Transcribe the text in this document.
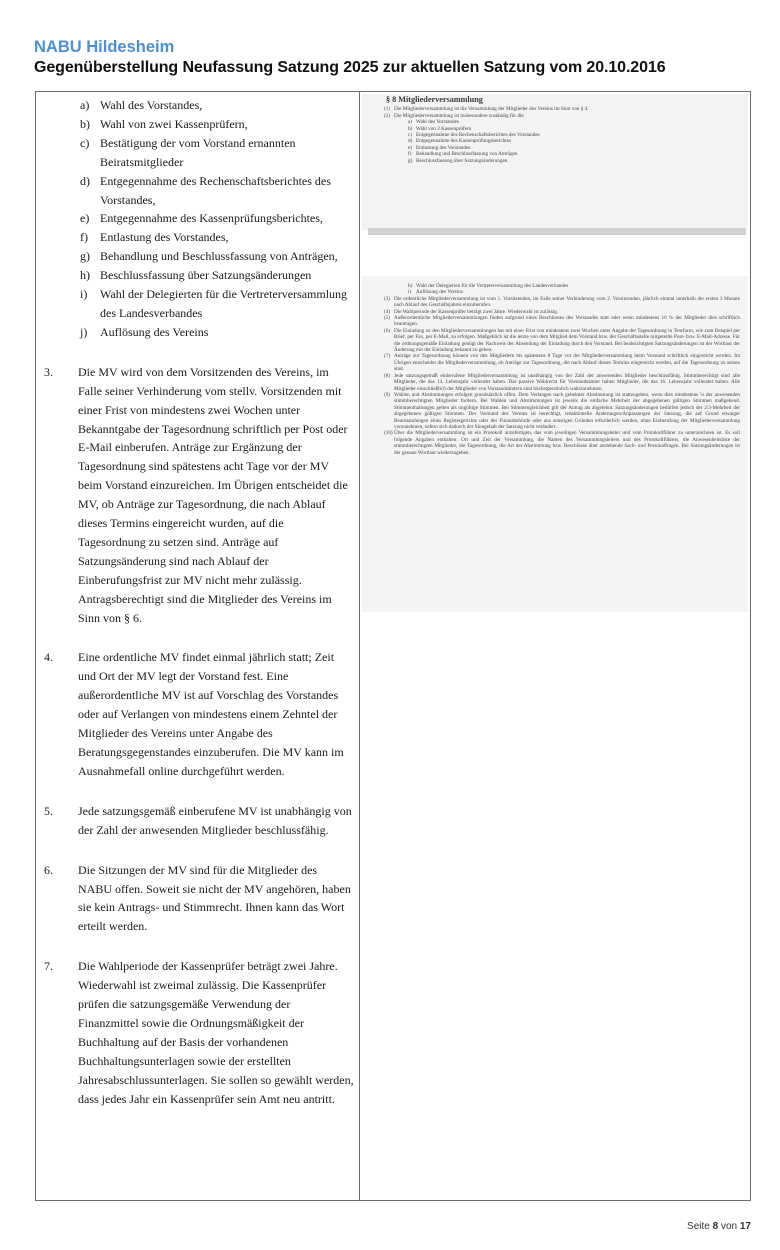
NABU Hildesheim
Gegenüberstellung Neufassung Satzung 2025 zur aktuellen Satzung vom 20.10.2016
a) Wahl des Vorstandes,
b) Wahl von zwei Kassenprüfern,
c) Bestätigung der vom Vorstand ernannten Beiratsmitglieder
d) Entgegennahme des Rechenschaftsberichtes des Vorstandes,
e) Entgegennahme des Kassenprüfungsberichtes,
f) Entlastung des Vorstandes,
g) Behandlung und Beschlussfassung von Anträgen,
h) Beschlussfassung über Satzungsänderungen
i) Wahl der Delegierten für die Vertreterversammlung des Landesverbandes
j) Auflösung des Vereins
3. Die MV wird von dem Vorsitzenden des Vereins, im Falle seiner Verhinderung vom stellv. Vorsitzenden mit einer Frist von mindestens zwei Wochen unter Bekanntgabe der Tagesordnung schriftlich per Post oder E-Mail einberufen. Anträge zur Ergänzung der Tagesordnung sind spätestens acht Tage vor der MV beim Vorstand einzureichen. Im Übrigen entscheidet die MV, ob Anträge zur Tagesordnung, die nach Ablauf dieses Termins eingereicht wurden, auf die Tagesordnung zu setzen sind. Anträge auf Satzungsänderung sind nach Ablauf der Einberufungsfrist zur MV nicht mehr zulässig. Antragsberechtigt sind die Mitglieder des Vereins im Sinn von § 6.
4. Eine ordentliche MV findet einmal jährlich statt; Zeit und Ort der MV legt der Vorstand fest. Eine außerordentliche MV ist auf Vorschlag des Vorstandes oder auf Verlangen von mindestens einem Zehntel der Mitglieder des Vereins unter Angabe des Beratungsgegenstandes einzuberufen. Die MV kann im Ausnahmefall online durchgeführt werden.
5. Jede satzungsgemäß einberufene MV ist unabhängig von der Zahl der anwesenden Mitglieder beschlussfähig.
6. Die Sitzungen der MV sind für die Mitglieder des NABU offen. Soweit sie nicht der MV angehören, haben sie kein Antrags- und Stimmrecht. Ihnen kann das Wort erteilt werden.
7. Die Wahlperiode der Kassenprüfer beträgt zwei Jahre. Wiederwahl ist zweimal zulässig. Die Kassenprüfer prüfen die satzungsgemäße Verwendung der Finanzmittel sowie die Ordnungsmäßigkeit der Buchhaltung auf der Basis der vorhandenen Buchhaltungsunterlagen sowie der erstellten Jahresabschlussunterlagen. Sie sollen so gewählt werden, dass jedes Jahr ein Kassenprüfer sein Amt neu antritt.
§ 8 Mitgliederversammlung
(1) Die Mitgliederversammlung ist die Versammlung der Mitglieder des Vereins im Sinn von § 4.
(2) Die Mitgliederversammlung ist insbesondere zuständig für die
a) Wahl des Vorstandes
b) Wahl von 2 Kassenprüfern
c) Entgegennahme des Rechenschaftsberichtes des Vorstandes
d) Entgegennahme des Kassenprüfungsberichtes
e) Entlastung des Vorstandes
f) Behandlung und Beschlussfassung von Anträgen
g) Beschlussfassung über Satzungsänderungen
h) Wahl der Delegierten für die Vertreterversammlung des Landesverbandes
i) Auflösung des Vereins
(3) Die ordentliche Mitgliederversammlung ist vom 1. Vorsitzenden, im Falle seiner Verhinderung vom 2. Vorsitzenden, jährlich einmal innerhalb der ersten 3 Monate nach Ablauf des Geschäftsjahres einzuberufen.
(4) Die Wahlperiode der Kassenprüfer beträgt zwei Jahre. Wiederwahl ist zulässig.
(5) Außerordentliche Mitgliederversammlungen finden aufgrund eines Beschlusses des Vorstandes statt oder wenn mindestens 10 % der Mitglieder dies schriftlich beantragen.
(6) Die Einladung zu den Mitgliederversammlungen hat mit einer Frist von mindestens zwei Wochen unter Angabe der Tagesordnung in Textform, wie zum Beispiel per Brief, per Fax, per E-Mail, zu erfolgen. Maßgeblich ist die letzte von dem Mitglied dem Vorstand bzw. der Geschäftsstelle mitgeteilte Post- bzw. E-Mail-Adresse. Für die ordnungsgemäße Einladung genügt der Nachweis der Absendung der Einladung durch den Vorstand. Bei beabsichtigten Satzungsänderungen ist der Wortlaut der Änderung mit der Einladung bekannt zu geben.
(7) Anträge zur Tagesordnung können von den Mitgliedern bis spätestens 8 Tage vor der Mitgliederversammlung beim Vorstand schriftlich eingereicht werden. Im Übrigen entscheidet die Mitgliederversammlung, ob Anträge zur Tagesordnung, die nach Ablauf dieses Termins eingereicht werden, auf die Tagesordnung zu setzen sind.
(8) Jede satzungsgemäß einberufene Mitgliederversammlung ist unabhängig von der Zahl der anwesenden Mitglieder beschlussfähig. Stimmberechtigt sind alle Mitglieder, die das 14. Lebensjahr vollendet haben. Das passive Wahlrecht für Vorstandsämter haben Mitglieder, die das 16. Lebensjahr vollendet haben. Alle Mitglieder einschließlich der Mitglieder von Vorstandsämtern sind höchstpersönlich wahrzunehmen.
(9) Wahlen und Abstimmungen erfolgen grundsätzlich offen. Dem Verlangen nach geheimer Abstimmung ist stattzugeben, wenn dies mindestens ¼ der anwesenden stimmberechtigten Mitglieder fordern. Bei Wahlen und Abstimmungen ist jeweils die einfache Mehrheit der abgegebenen gültigen Stimmen maßgebend. Stimmenthaltungen gelten als ungültige Stimmen. Bei Stimmengleichheit gilt der Antrag als abgelehnt. Satzungsänderungen bedürfen jedoch der 2/3-Mehrheit der abgegebenen gültigen Stimmen. Der Vorstand des Vereins ist berechtigt, redaktionelle Änderungen/Anpassungen der Satzung, die auf Grund etwaiger Beanstandungen eines Registergerichts oder der Finanzbehörde oder aus sonstigen Gründen erforderlich werden, ohne Einberufung der Mitgliederversammlung vorzunehmen, sofern sich dadurch der Sinngehalt der Satzung nicht verändert.
(10) Über die Mitgliederversammlung ist ein Protokoll anzufertigen, das vom jeweiligen Versammlungsleiter und vom Protokollführer zu unterzeichnen ist. Es soll folgende Angaben enthalten: Ort und Zeit der Versammlung, die Namen des Versammlungsleiters und des Protokollführers, die Anwesenheitsliste der stimmberechtigten Mitglieder, die Tagesordnung, die Art der Abstimmung bzw. Beschlüsse über anstehende Sach- und Personalfragen. Bei Satzungsänderungen ist der genaue Wortlaut wiederzugeben.
Seite 8 von 17
